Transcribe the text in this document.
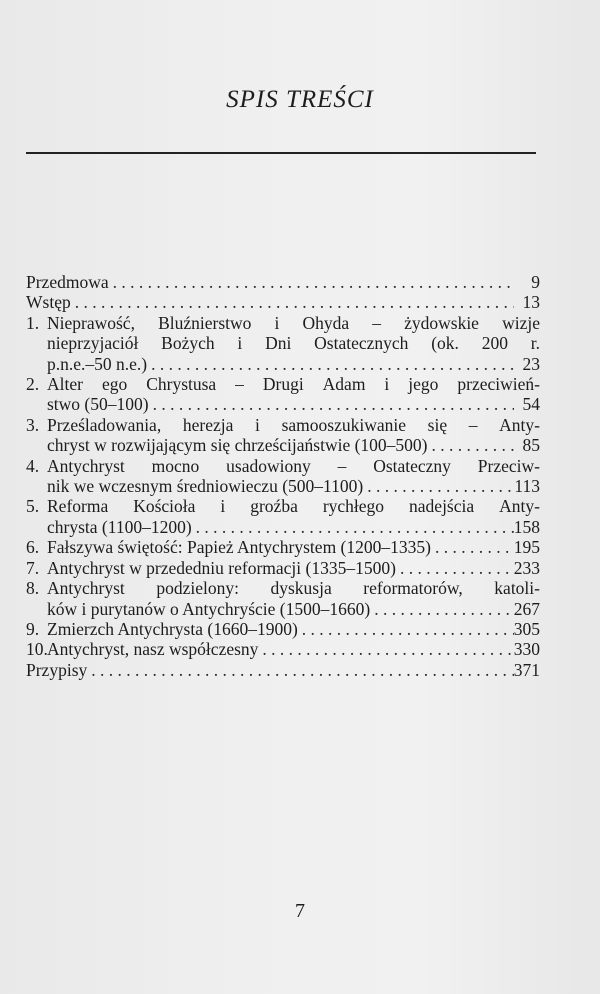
SPIS TREŚCI
Przedmowa . . .	9
Wstęp . . .	13
1. Nieprawość, Bluźnierstwo i Ohyda – żydowskie wizje
nieprzyjaciół Bożych i Dni Ostatecznych (ok. 200 r.
p.n.e.–50 n.e.) . . .	23
2. Alter ego Chrystusa – Drugi Adam i jego przeciwień-
stwo (50–100) . . .	54
3. Prześladowania, herezja i samooszukiwanie się – Anty-
chryst w rozwijającym się chrześcijaństwie (100–500) . . .	85
4. Antychryst mocno usadowiony – Ostateczny Przeciw-
nik we wczesnym średniowieczu (500–1100) . . .	113
5. Reforma Kościoła i groźba rychłego nadejścia Anty-
chrysta (1100–1200) . . .	158
6. Fałszywa świętość: Papież Antychrystem (1200–1335) . . .	195
7. Antychryst w przededniu reformacji (1335–1500) . . .	233
8. Antychryst podzielony: dyskusja reformatorów, katoli-
ków i purytanów o Antychryście (1500–1660) . . .	267
9. Zmierzch Antychrysta (1660–1900) . . .	305
10. Antychryst, nasz współczesny . . .	330
Przypisy . . .	371
7
